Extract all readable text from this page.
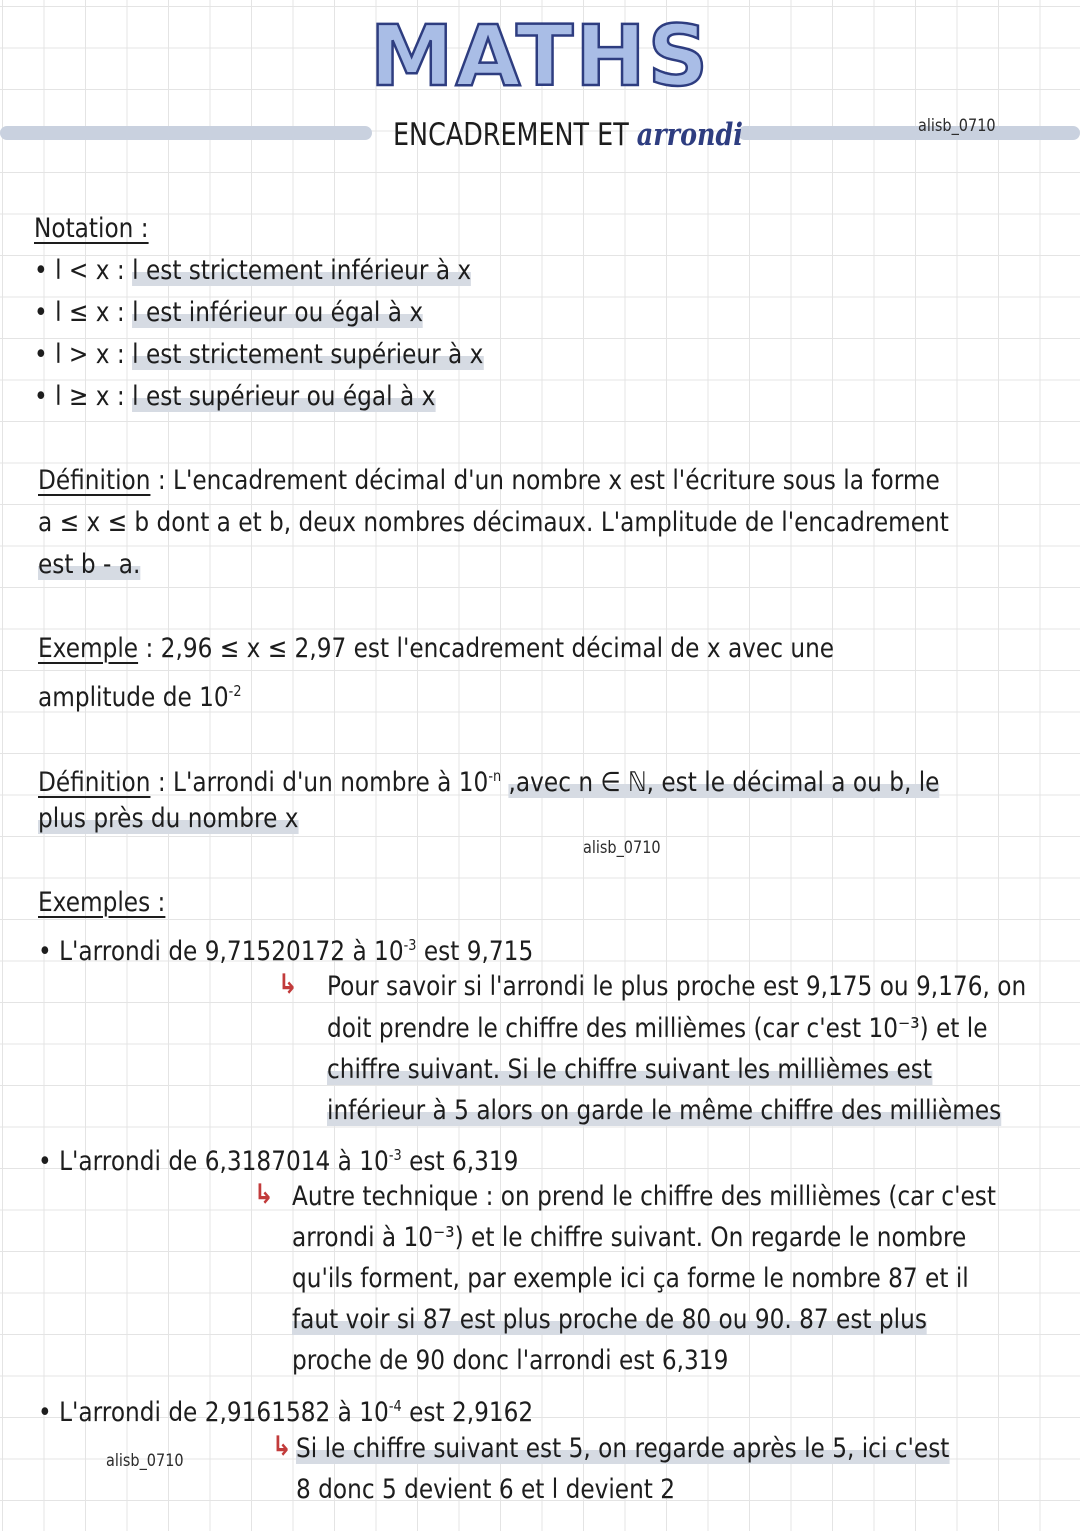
MATHS
ENCADREMENT ET arrondi	alisb_0710
Notation :
• l < x : l est strictement inférieur à x
• l ≤ x : l est inférieur ou égal à x
• l > x : l est strictement supérieur à x
• l ≥ x : l est supérieur ou égal à x
Définition : L'encadrement décimal d'un nombre x est l'écriture sous la forme
a ≤ x ≤ b dont a et b, deux nombres décimaux. L'amplitude de l'encadrement
est b - a.
Exemple : 2,96 ≤ x ≤ 2,97 est l'encadrement décimal de x avec une
amplitude de $10^{-2}$
Définition : L'arrondi d'un nombre à $10^{-n}$ ,avec n ∈ ℕ, est le décimal a ou b, le
plus près du nombre x
alisb_0710
Exemples :
• L'arrondi de 9,71520172 à $10^{-3}$ est 9,715
↳ Pour savoir si l'arrondi le plus proche est 9,175 ou 9,176, on
doit prendre le chiffre des millièmes (car c'est 10⁻³) et le
chiffre suivant. Si le chiffre suivant les millièmes est
inférieur à 5 alors on garde le même chiffre des millièmes
• L'arrondi de 6,3187014 à $10^{-3}$ est 6,319
↳ Autre technique : on prend le chiffre des millièmes (car c'est
arrondi à 10⁻³) et le chiffre suivant. On regarde le nombre
qu'ils forment, par exemple ici ça forme le nombre 87 et il
faut voir si 87 est plus proche de 80 ou 90. 87 est plus
proche de 90 donc l'arrondi est 6,319
• L'arrondi de 2,9161582 à $10^{-4}$ est 2,9162
↳ Si le chiffre suivant est 5, on regarde après le 5, ici c'est
8 donc 5 devient 6 et l devient 2
alisb_0710
